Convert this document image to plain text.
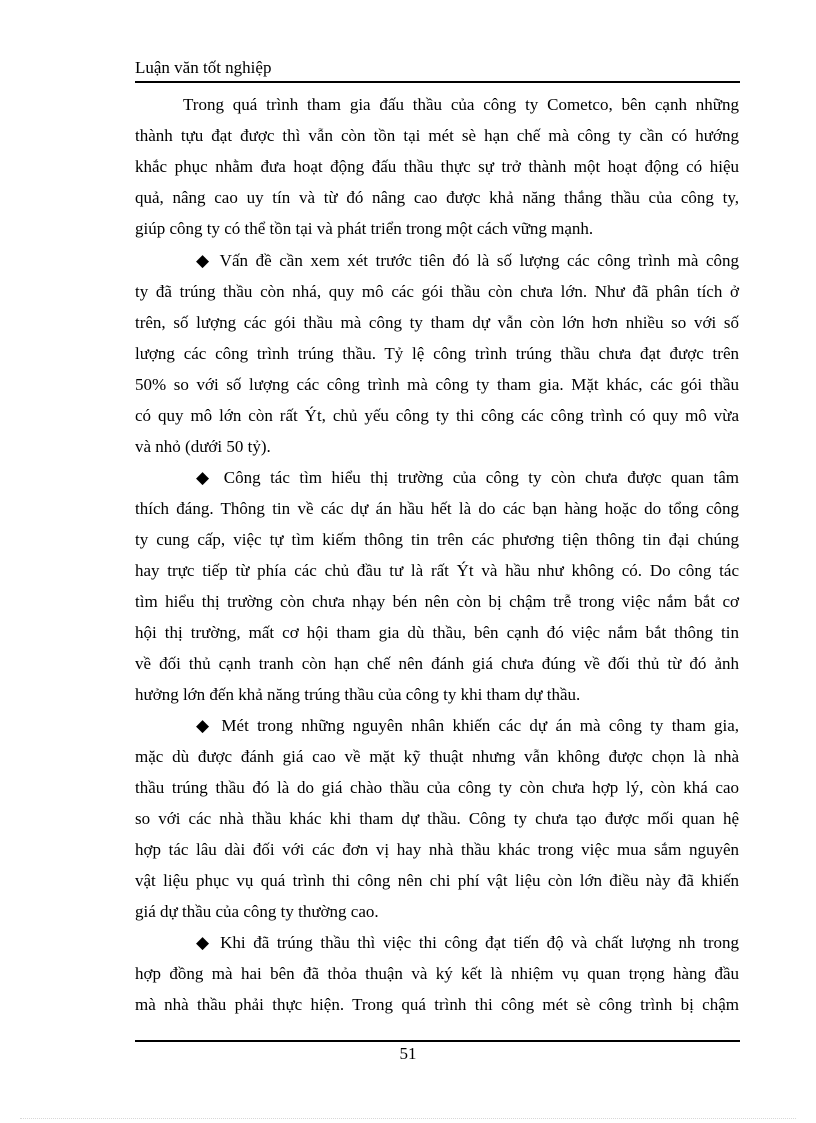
Luận văn tốt nghiệp
Trong quá trình tham gia đấu thầu của công ty Cometco, bên cạnh những
thành tựu đạt được thì vẫn còn tồn tại mét sè hạn chế mà công ty cần có hướng
khắc phục nhằm đưa hoạt động đấu thầu thực sự trở thành một hoạt động có hiệu
quả, nâng cao uy tín và từ đó nâng cao được khả năng thắng thầu của công ty,
giúp công ty có thể tồn tại và phát triển trong một cách vững mạnh.
◆ Vấn đề cần xem xét trước tiên đó là số lượng các công trình mà công
ty đã trúng thầu còn nhá, quy mô các gói thầu còn chưa lớn. Như đã phân tích ở
trên, số lượng các gói thầu mà công ty tham dự vẫn còn lớn hơn nhiều so với số
lượng các công trình trúng thầu. Tỷ lệ công trình trúng thầu chưa đạt được trên
50% so với số lượng các công trình mà công ty tham gia. Mặt khác, các gói thầu
có quy mô lớn còn rất Ýt, chủ yếu công ty thi công các công trình có quy mô vừa
và nhỏ (dưới 50 tỷ).
◆ Công tác tìm hiểu thị trường của công ty còn chưa được quan tâm
thích đáng. Thông tin về các dự án hầu hết là do các bạn hàng hoặc do tổng công
ty cung cấp, việc tự tìm kiếm thông tin trên các phương tiện thông tin đại chúng
hay trực tiếp từ phía các chủ đầu tư là rất Ýt và hầu như không có. Do công tác
tìm hiểu thị trường còn chưa nhạy bén nên còn bị chậm trễ trong việc nắm bắt cơ
hội thị trường, mất cơ hội tham gia dù thầu, bên cạnh đó việc nắm bắt thông tin
về đối thủ cạnh tranh còn hạn chế nên đánh giá chưa đúng về đối thủ từ đó ảnh
hưởng lớn đến khả năng trúng thầu của công ty khi tham dự thầu.
◆ Mét trong những nguyên nhân khiến các dự án mà công ty tham gia,
mặc dù được đánh giá cao về mặt kỹ thuật nhưng vẫn không được chọn là nhà
thầu trúng thầu đó là do giá chào thầu của công ty còn chưa hợp lý, còn khá cao
so với các nhà thầu khác khi tham dự thầu. Công ty chưa tạo được mối quan hệ
hợp tác lâu dài đối với các đơn vị hay nhà thầu khác trong việc mua sắm nguyên
vật liệu phục vụ quá trình thi công nên chi phí vật liệu còn lớn điều này đã khiến
giá dự thầu của công ty thường cao.
◆ Khi đã trúng thầu thì việc thi công đạt tiến độ và chất lượng nh trong
hợp đồng mà hai bên đã thỏa thuận và ký kết là nhiệm vụ quan trọng hàng đầu
mà nhà thầu phải thực hiện. Trong quá trình thi công mét sè công trình bị chậm
51
